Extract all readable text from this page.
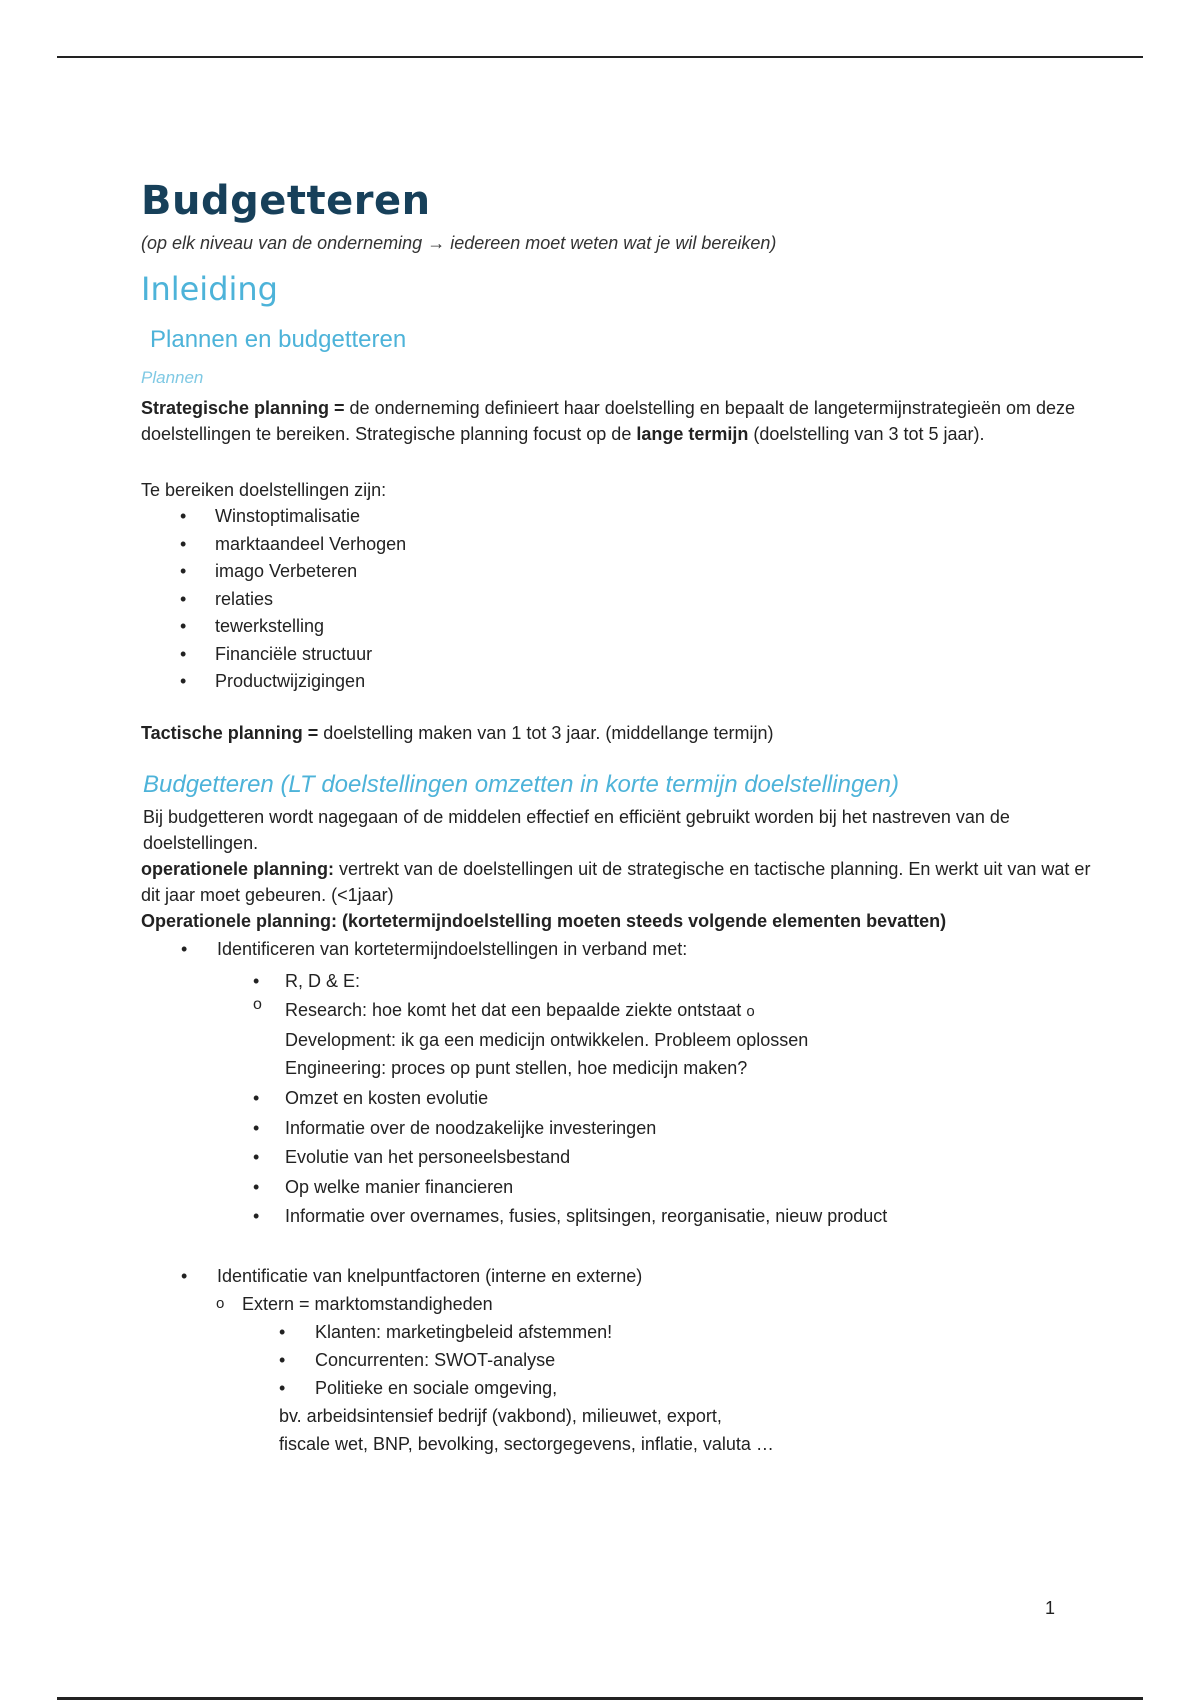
Budgetteren

(op elk niveau van de onderneming → iedereen moet weten wat je wil bereiken)

Inleiding
Plannen en budgetteren
Plannen

Strategische planning = de onderneming definieert haar doelstelling en bepaalt de langetermijnstrategieën om deze doelstellingen te bereiken. Strategische planning focust op de lange termijn (doelstelling van 3 tot 5 jaar).

Te bereiken doelstellingen zijn:

• Winstoptimalisatie
• marktaandeel Verhogen
• imago Verbeteren
• relaties
• tewerkstelling
• Financiële structuur
• Productwijzigingen

Tactische planning = doelstelling maken van 1 tot 3 jaar. (middellange termijn)

Budgetteren (LT doelstellingen omzetten in korte termijn doelstellingen)

Bij budgetteren wordt nagegaan of de middelen effectief en efficiënt gebruikt worden bij het nastreven van de doelstellingen.

operationele planning: vertrekt van de doelstellingen uit de strategische en tactische planning. En werkt uit van wat er dit jaar moet gebeuren. (<1jaar)

Operationele planning: (kortetermijndoelstelling moeten steeds volgende elementen bevatten)

• Identificeren van kortetermijndoelstellingen in verband met:
• R, D & E:
o Research: hoe komt het dat een bepaalde ziekte ontstaat o
Development: ik ga een medicijn ontwikkelen. Probleem oplossen
Engineering: proces op punt stellen, hoe medicijn maken?
• Omzet en kosten evolutie
• Informatie over de noodzakelijke investeringen
• Evolutie van het personeelsbestand
• Op welke manier financieren
• Informatie over overnames, fusies, splitsingen, reorganisatie, nieuw product
• Identificatie van knelpuntfactoren (interne en externe)
o Extern = marktomstandigheden
• Klanten: marketingbeleid afstemmen!
• Concurrenten: SWOT-analyse
• Politieke en sociale omgeving,
bv. arbeidsintensief bedrijf (vakbond), milieuwet, export,
fiscale wet, BNP, bevolking, sectorgegevens, inflatie, valuta …
1
